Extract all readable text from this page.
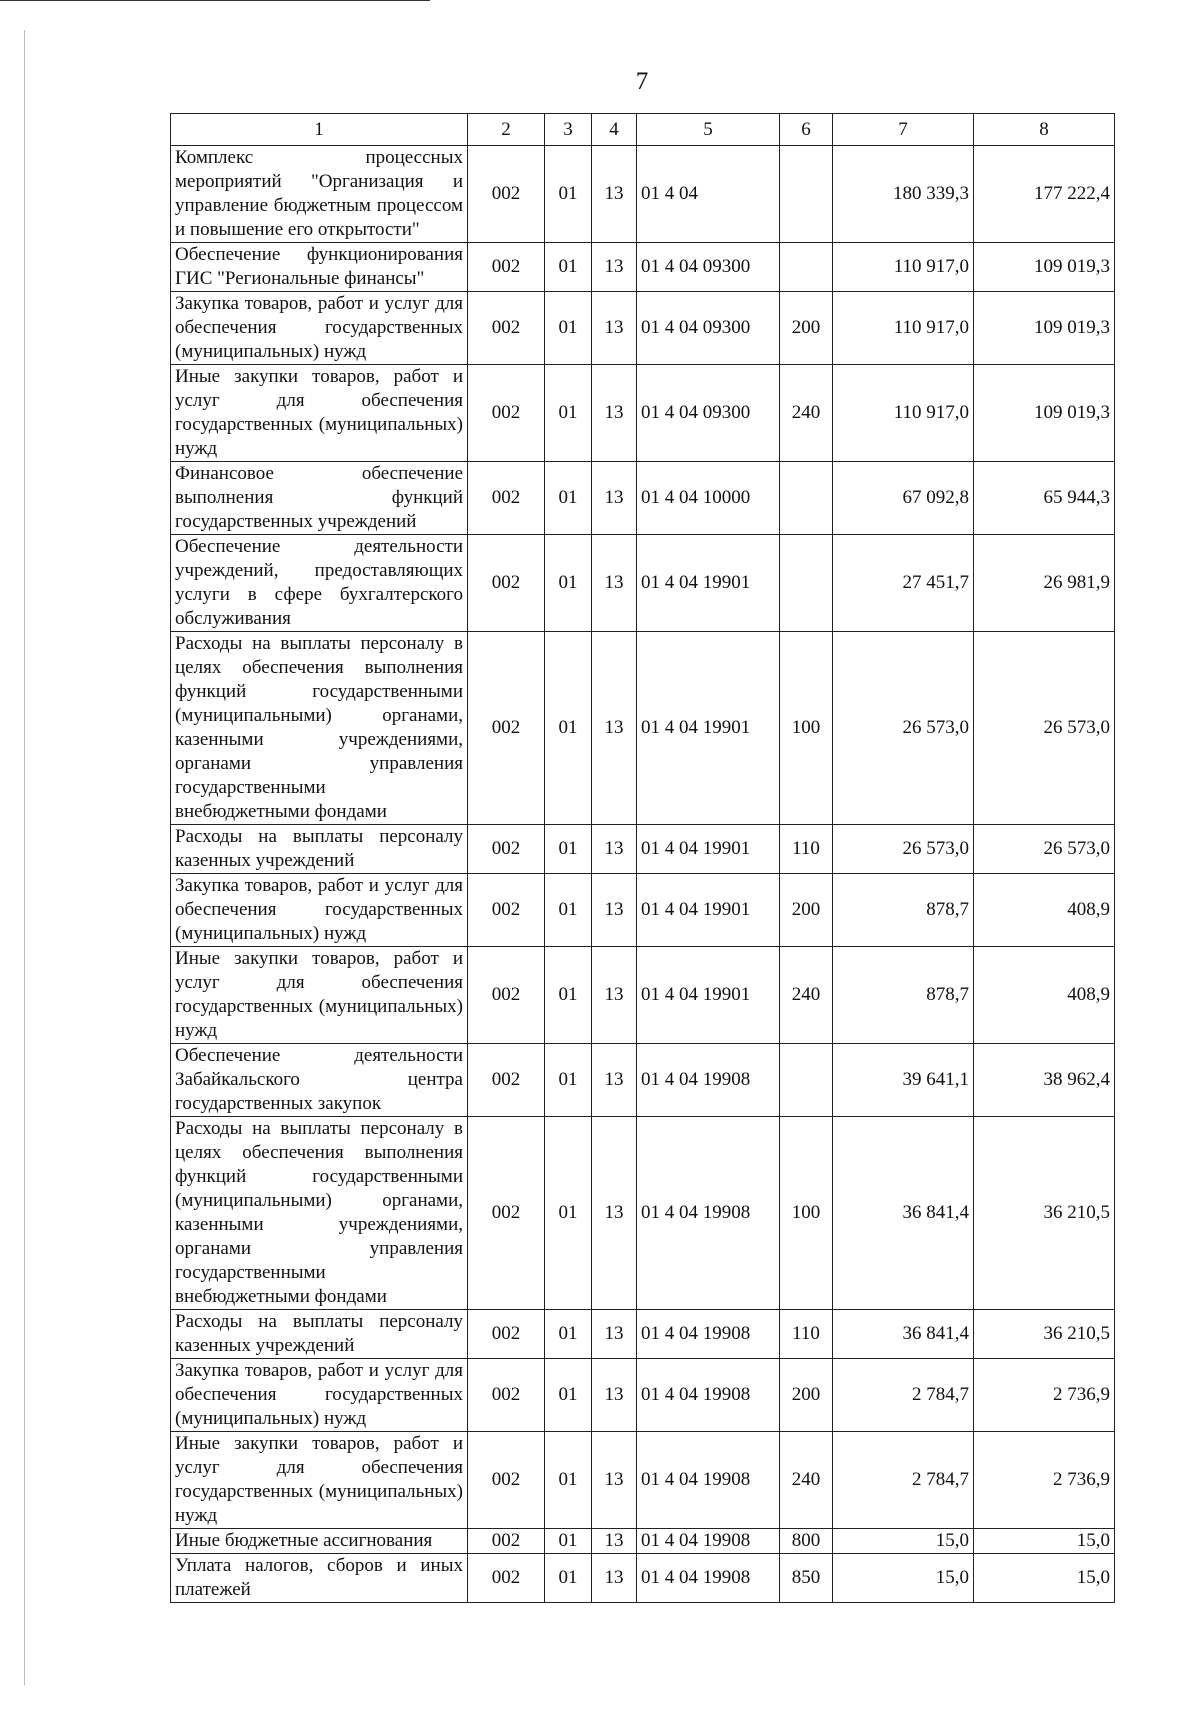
7
1	2	3	4	5	6	7	8
Комплекс процессных мероприятий "Организация и управление бюджетным процессом и повышение его открытости"	002	01	13	01 4 04		180 339,3	177 222,4
Обеспечение функционирования ГИС "Региональные финансы"	002	01	13	01 4 04 09300		110 917,0	109 019,3
Закупка товаров, работ и услуг для обеспечения государственных (муниципальных) нужд	002	01	13	01 4 04 09300	200	110 917,0	109 019,3
Иные закупки товаров, работ и услуг для обеспечения государственных (муниципальных) нужд	002	01	13	01 4 04 09300	240	110 917,0	109 019,3
Финансовое обеспечение выполнения функций государственных учреждений	002	01	13	01 4 04 10000		67 092,8	65 944,3
Обеспечение деятельности учреждений, предоставляющих услуги в сфере бухгалтерского обслуживания	002	01	13	01 4 04 19901		27 451,7	26 981,9
Расходы на выплаты персоналу в целях обеспечения выполнения функций государственными (муниципальными) органами, казенными учреждениями, органами управления государственными внебюджетными фондами	002	01	13	01 4 04 19901	100	26 573,0	26 573,0
Расходы на выплаты персоналу казенных учреждений	002	01	13	01 4 04 19901	110	26 573,0	26 573,0
Закупка товаров, работ и услуг для обеспечения государственных (муниципальных) нужд	002	01	13	01 4 04 19901	200	878,7	408,9
Иные закупки товаров, работ и услуг для обеспечения государственных (муниципальных) нужд	002	01	13	01 4 04 19901	240	878,7	408,9
Обеспечение деятельности Забайкальского центра государственных закупок	002	01	13	01 4 04 19908		39 641,1	38 962,4
Расходы на выплаты персоналу в целях обеспечения выполнения функций государственными (муниципальными) органами, казенными учреждениями, органами управления государственными внебюджетными фондами	002	01	13	01 4 04 19908	100	36 841,4	36 210,5
Расходы на выплаты персоналу казенных учреждений	002	01	13	01 4 04 19908	110	36 841,4	36 210,5
Закупка товаров, работ и услуг для обеспечения государственных (муниципальных) нужд	002	01	13	01 4 04 19908	200	2 784,7	2 736,9
Иные закупки товаров, работ и услуг для обеспечения государственных (муниципальных) нужд	002	01	13	01 4 04 19908	240	2 784,7	2 736,9
Иные бюджетные ассигнования	002	01	13	01 4 04 19908	800	15,0	15,0
Уплата налогов, сборов и иных платежей	002	01	13	01 4 04 19908	850	15,0	15,0
